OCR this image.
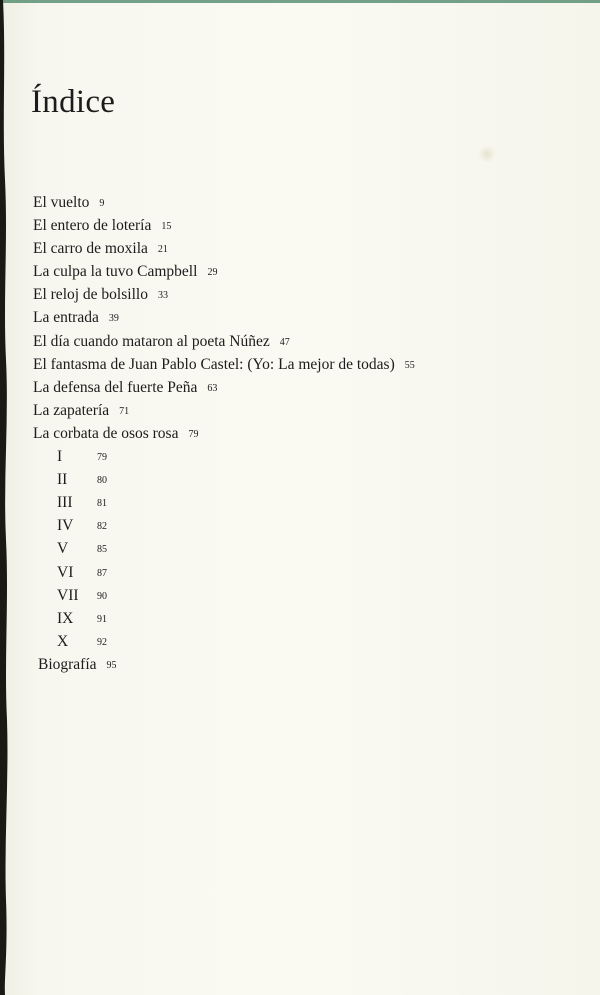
Índice
El vuelto 9
El entero de lotería 15
El carro de moxila 21
La culpa la tuvo Campbell 29
El reloj de bolsillo 33
La entrada 39
El día cuando mataron al poeta Núñez 47
El fantasma de Juan Pablo Castel: (Yo: La mejor de todas) 55
La defensa del fuerte Peña 63
La zapatería 71
La corbata de osos rosa 79
I	79
II	80
III 81
IV 82
V	85
VI 87
VII 90
IX 91
X	92
Biografía 95
